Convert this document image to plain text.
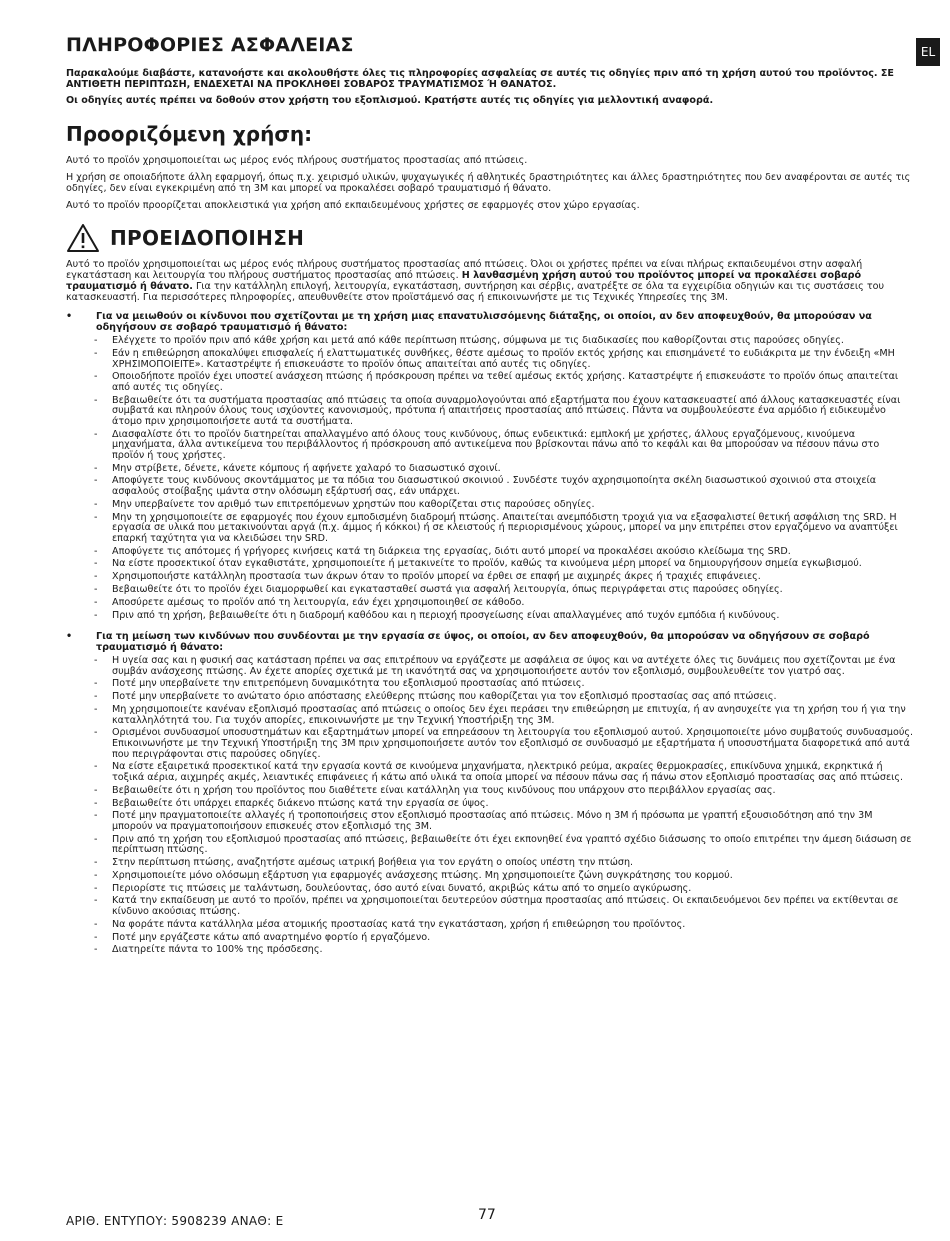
EL
ΠΛΗΡΟΦΟΡΙΕΣ ΑΣΦΑΛΕΙΑΣ

Παρακαλούμε διαβάστε, κατανοήστε και ακολουθήστε όλες τις πληροφορίες ασφαλείας σε αυτές τις οδηγίες πριν από τη χρήση αυτού του προϊόντος. ΣΕ ΑΝΤΙΘΕΤΗ ΠΕΡΙΠΤΩΣΗ, ΕΝΔΕΧΕΤΑΙ ΝΑ ΠΡΟΚΛΗΘΕΙ ΣΟΒΑΡΟΣ ΤΡΑΥΜΑΤΙΣΜΟΣ Ή ΘΑΝΑΤΟΣ.

Οι οδηγίες αυτές πρέπει να δοθούν στον χρήστη του εξοπλισμού. Κρατήστε αυτές τις οδηγίες για μελλοντική αναφορά.

Προοριζόμενη χρήση:

Αυτό το προϊόν χρησιμοποιείται ως μέρος ενός πλήρους συστήματος προστασίας από πτώσεις.

Η χρήση σε οποιαδήποτε άλλη εφαρμογή, όπως π.χ. χειρισμό υλικών, ψυχαγωγικές ή αθλητικές δραστηριότητες και άλλες δραστηριότητες που δεν αναφέρονται σε αυτές τις οδηγίες, δεν είναι εγκεκριμένη από τη 3M και μπορεί να προκαλέσει σοβαρό τραυματισμό ή θάνατο.

Αυτό το προϊόν προορίζεται αποκλειστικά για χρήση από εκπαιδευμένους χρήστες σε εφαρμογές στον χώρο εργασίας.

ΠΡΟΕΙΔΟΠΟΙΗΣΗ

Αυτό το προϊόν χρησιμοποιείται ως μέρος ενός πλήρους συστήματος προστασίας από πτώσεις. Όλοι οι χρήστες πρέπει να είναι πλήρως εκπαιδευμένοι στην ασφαλή εγκατάσταση και λειτουργία του πλήρους συστήματος προστασίας από πτώσεις. Η λανθασμένη χρήση αυτού του προϊόντος μπορεί να προκαλέσει σοβαρό τραυματισμό ή θάνατο. Για την κατάλληλη επιλογή, λειτουργία, εγκατάσταση, συντήρηση και σέρβις, ανατρέξτε σε όλα τα εγχειρίδια οδηγιών και τις συστάσεις του κατασκευαστή. Για περισσότερες πληροφορίες, απευθυνθείτε στον προϊστάμενό σας ή επικοινωνήστε με τις Τεχνικές Υπηρεσίες της 3M.

•	Για να μειωθούν οι κίνδυνοι που σχετίζονται με τη χρήση μιας επανατυλισσόμενης διάταξης, οι οποίοι, αν δεν αποφευχθούν, θα μπορούσαν να οδηγήσουν σε σοβαρό τραυματισμό ή θάνατο:
-	Ελέγχετε το προϊόν πριν από κάθε χρήση και μετά από κάθε περίπτωση πτώσης, σύμφωνα με τις διαδικασίες που καθορίζονται στις παρούσες οδηγίες.
-	Εάν η επιθεώρηση αποκαλύψει επισφαλείς ή ελαττωματικές συνθήκες, θέστε αμέσως το προϊόν εκτός χρήσης και επισημάνετέ το ευδιάκριτα με την ένδειξη «ΜΗ ΧΡΗΣΙΜΟΠΟΙΕΙΤΕ». Καταστρέψτε ή επισκευάστε το προϊόν όπως απαιτείται από αυτές τις οδηγίες.
-	Οποιοδήποτε προϊόν έχει υποστεί ανάσχεση πτώσης ή πρόσκρουση πρέπει να τεθεί αμέσως εκτός χρήσης. Καταστρέψτε ή επισκευάστε το προϊόν όπως απαιτείται από αυτές τις οδηγίες.
-	Βεβαιωθείτε ότι τα συστήματα προστασίας από πτώσεις τα οποία συναρμολογούνται από εξαρτήματα που έχουν κατασκευαστεί από άλλους κατασκευαστές είναι συμβατά και πληρούν όλους τους ισχύοντες κανονισμούς, πρότυπα ή απαιτήσεις προστασίας από πτώσεις. Πάντα να συμβουλεύεστε ένα αρμόδιο ή ειδικευμένο άτομο πριν χρησιμοποιήσετε αυτά τα συστήματα.
-	Διασφαλίστε ότι το προϊόν διατηρείται απαλλαγμένο από όλους τους κινδύνους, όπως ενδεικτικά: εμπλοκή με χρήστες, άλλους εργαζόμενους, κινούμενα μηχανήματα, άλλα αντικείμενα του περιβάλλοντος ή πρόσκρουση από αντικείμενα που βρίσκονται πάνω από το κεφάλι και θα μπορούσαν να πέσουν πάνω στο προϊόν ή τους χρήστες.
-	Μην στρίβετε, δένετε, κάνετε κόμπους ή αφήνετε χαλαρό το διασωστικό σχοινί.
-	Αποφύγετε τους κινδύνους σκοντάμματος με τα πόδια του διασωστικού σκοινιού . Συνδέστε τυχόν αχρησιμοποίητα σκέλη διασωστικού σχοινιού στα στοιχεία ασφαλούς στοίβαξης ιμάντα στην ολόσωμη εξάρτυσή σας, εάν υπάρχει.
-	Μην υπερβαίνετε τον αριθμό των επιτρεπόμενων χρηστών που καθορίζεται στις παρούσες οδηγίες.
-	Μην τη χρησιμοποιείτε σε εφαρμογές που έχουν εμποδισμένη διαδρομή πτώσης. Απαιτείται ανεμπόδιστη τροχιά για να εξασφαλιστεί θετική ασφάλιση της SRD. Η εργασία σε υλικά που μετακινούνται αργά (π.χ. άμμος ή κόκκοι) ή σε κλειστούς ή περιορισμένους χώρους, μπορεί να μην επιτρέπει στον εργαζόμενο να αναπτύξει επαρκή ταχύτητα για να κλειδώσει την SRD.
-	Αποφύγετε τις απότομες ή γρήγορες κινήσεις κατά τη διάρκεια της εργασίας, διότι αυτό μπορεί να προκαλέσει ακούσιο κλείδωμα της SRD.
-	Να είστε προσεκτικοί όταν εγκαθιστάτε, χρησιμοποιείτε ή μετακινείτε το προϊόν, καθώς τα κινούμενα μέρη μπορεί να δημιουργήσουν σημεία εγκωβισμού.
-	Χρησιμοποιήστε κατάλληλη προστασία των άκρων όταν το προϊόν μπορεί να έρθει σε επαφή με αιχμηρές άκρες ή τραχιές επιφάνειες.
-	Βεβαιωθείτε ότι το προϊόν έχει διαμορφωθεί και εγκατασταθεί σωστά για ασφαλή λειτουργία, όπως περιγράφεται στις παρούσες οδηγίες.
-	Αποσύρετε αμέσως το προϊόν από τη λειτουργία, εάν έχει χρησιμοποιηθεί σε κάθοδο.
-	Πριν από τη χρήση, βεβαιωθείτε ότι η διαδρομή καθόδου και η περιοχή προσγείωσης είναι απαλλαγμένες από τυχόν εμπόδια ή κινδύνους.
•	Για τη μείωση των κινδύνων που συνδέονται με την εργασία σε ύψος, οι οποίοι, αν δεν αποφευχθούν, θα μπορούσαν να οδηγήσουν σε σοβαρό τραυματισμό ή θάνατο:
-	Η υγεία σας και η φυσική σας κατάσταση πρέπει να σας επιτρέπουν να εργάζεστε με ασφάλεια σε ύψος και να αντέχετε όλες τις δυνάμεις που σχετίζονται με ένα συμβάν ανάσχεσης πτώσης. Αν έχετε απορίες σχετικά με τη ικανότητά σας να χρησιμοποιήσετε αυτόν τον εξοπλισμό, συμβουλευθείτε τον γιατρό σας.
-	Ποτέ μην υπερβαίνετε την επιτρεπόμενη δυναμικότητα του εξοπλισμού προστασίας από πτώσεις.
-	Ποτέ μην υπερβαίνετε το ανώτατο όριο απόστασης ελεύθερης πτώσης που καθορίζεται για τον εξοπλισμό προστασίας σας από πτώσεις.
-	Μη χρησιμοποιείτε κανέναν εξοπλισμό προστασίας από πτώσεις ο οποίος δεν έχει περάσει την επιθεώρηση με επιτυχία, ή αν ανησυχείτε για τη χρήση του ή για την καταλληλότητά του. Για τυχόν απορίες, επικοινωνήστε με την Τεχνική Υποστήριξη της 3M.
-	Ορισμένοι συνδυασμοί υποσυστημάτων και εξαρτημάτων μπορεί να επηρεάσουν τη λειτουργία του εξοπλισμού αυτού. Χρησιμοποιείτε μόνο συμβατούς συνδυασμούς. Επικοινωνήστε με την Τεχνική Υποστήριξη της 3M πριν χρησιμοποιήσετε αυτόν τον εξοπλισμό σε συνδυασμό με εξαρτήματα ή υποσυστήματα διαφορετικά από αυτά που περιγράφονται στις παρούσες οδηγίες.
-	Να είστε εξαιρετικά προσεκτικοί κατά την εργασία κοντά σε κινούμενα μηχανήματα, ηλεκτρικό ρεύμα, ακραίες θερμοκρασίες, επικίνδυνα χημικά, εκρηκτικά ή τοξικά αέρια, αιχμηρές ακμές, λειαντικές επιφάνειες ή κάτω από υλικά τα οποία μπορεί να πέσουν πάνω σας ή πάνω στον εξοπλισμό προστασίας σας από πτώσεις.
-	Βεβαιωθείτε ότι η χρήση του προϊόντος που διαθέτετε είναι κατάλληλη για τους κινδύνους που υπάρχουν στο περιβάλλον εργασίας σας.
-	Βεβαιωθείτε ότι υπάρχει επαρκές διάκενο πτώσης κατά την εργασία σε ύψος.
-	Ποτέ μην πραγματοποιείτε αλλαγές ή τροποποιήσεις στον εξοπλισμό προστασίας από πτώσεις. Μόνο η 3M ή πρόσωπα με γραπτή εξουσιοδότηση από την 3M μπορούν να πραγματοποιήσουν επισκευές στον εξοπλισμό της 3M.
-	Πριν από τη χρήση του εξοπλισμού προστασίας από πτώσεις, βεβαιωθείτε ότι έχει εκπονηθεί ένα γραπτό σχέδιο διάσωσης το οποίο επιτρέπει την άμεση διάσωση σε περίπτωση πτώσης.
-	Στην περίπτωση πτώσης, αναζητήστε αμέσως ιατρική βοήθεια για τον εργάτη ο οποίος υπέστη την πτώση.
-	Χρησιμοποιείτε μόνο ολόσωμη εξάρτυση για εφαρμογές ανάσχεσης πτώσης. Μη χρησιμοποιείτε ζώνη συγκράτησης του κορμού.
-	Περιορίστε τις πτώσεις με ταλάντωση, δουλεύοντας, όσο αυτό είναι δυνατό, ακριβώς κάτω από το σημείο αγκύρωσης.
-	Κατά την εκπαίδευση με αυτό το προϊόν, πρέπει να χρησιμοποιείται δευτερεύον σύστημα προστασίας από πτώσεις. Οι εκπαιδευόμενοι δεν πρέπει να εκτίθενται σε κίνδυνο ακούσιας πτώσης.
-	Να φοράτε πάντα κατάλληλα μέσα ατομικής προστασίας κατά την εγκατάσταση, χρήση ή επιθεώρηση του προϊόντος.
-	Ποτέ μην εργάζεστε κάτω από αναρτημένο φορτίο ή εργαζόμενο.
-	Διατηρείτε πάντα το 100% της πρόσδεσης.
ΑΡΙΘ. ΕΝΤΥΠΟΥ: 5908239 ΑΝΑΘ: E	77
